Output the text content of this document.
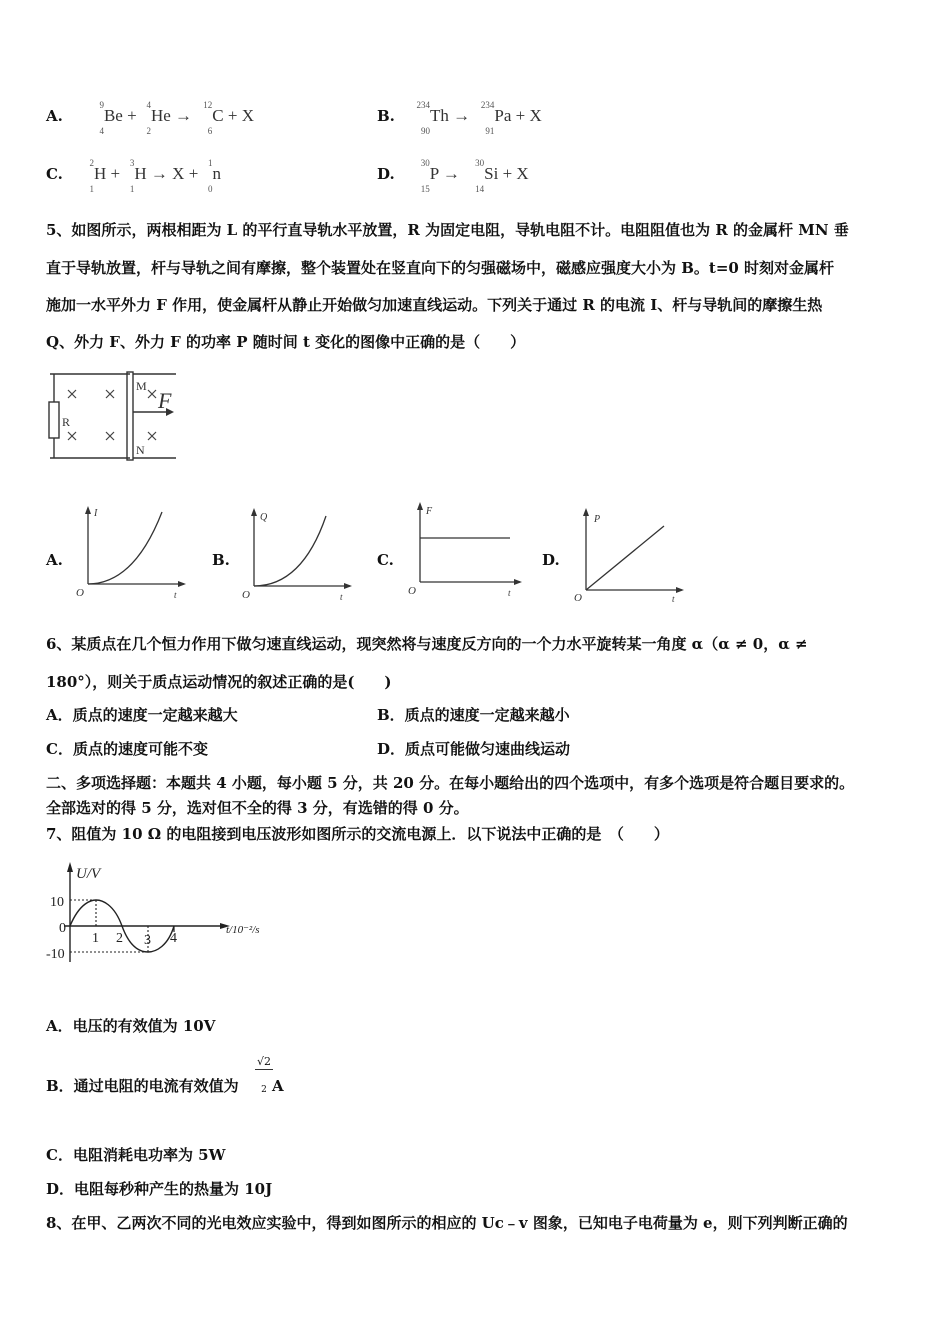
A.
9
4
Be +
4
2
He →
12
6
C + X	B.
234
90
Th →
234
91
Pa + X
C.
2
1
H +
3
1
H → X +
1
0
n	D.
30
15
P →
30
14
Si + X
5、如图所示，两根相距为 L 的平行直导轨水平放置，R 为固定电阻，导轨电阻不计。电阻阻值也为 R 的金属杆 MN 垂
直于导轨放置，杆与导轨之间有摩擦，整个装置处在竖直向下的匀强磁场中，磁感应强度大小为 B。t=0 时刻对金属杆
施加一水平外力 F 作用，使金属杆从静止开始做匀加速直线运动。下列关于通过 R 的电流 I、杆与导轨间的摩擦生热
Q、外力 F、外力 F 的功率 P 随时间 t 变化的图像中正确的是（　　）
R
M
N
F
A.
I
t
O
B.
Q
t
O
C.
F
t
O
D.
P
t
O
6、某质点在几个恒力作用下做匀速直线运动，现突然将与速度反方向的一个力水平旋转某一角度 α（α ≠ 0，α ≠
180°），则关于质点运动情况的叙述正确的是(　　)
A．质点的速度一定越来越大	B．质点的速度一定越来越小
C．质点的速度可能不变	D．质点可能做匀速曲线运动
二、多项选择题：本题共 4 小题，每小题 5 分，共 20 分。在每小题给出的四个选项中，有多个选项是符合题目要求的。
全部选对的得 5 分，选对但不全的得 3 分，有选错的得 0 分。
7、阻值为 10 Ω 的电阻接到电压波形如图所示的交流电源上．以下说法中正确的是　（　　）
U/V
t/10⁻²/s
10
0
-10
1 2 3 4
A．电压的有效值为 10V
B．通过电阻的电流有效值为
√2
2 A
C．电阻消耗电功率为 5W
D．电阻每秒种产生的热量为 10J
8、在甲、乙两次不同的光电效应实验中，得到如图所示的相应的 Uc﹣v 图象，已知电子电荷量为 e，则下列判断正确的
